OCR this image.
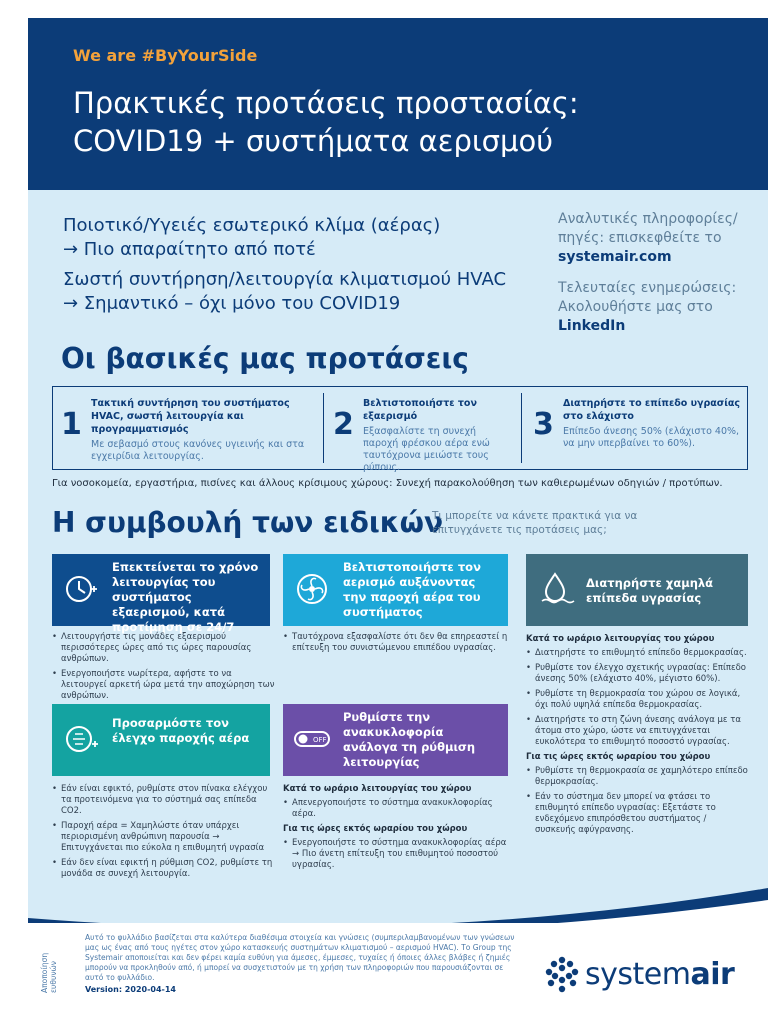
We are #ByYourSide
Πρακτικές προτάσεις προστασίας:
COVID19 + συστήματα αερισμού

Ποιοτικό/Υγειές εσωτερικό κλίμα (αέρας)
→ Πιο απαραίτητο από ποτέ

Σωστή συντήρηση/λειτουργία κλιματισμού HVAC
→ Σημαντικό – όχι μόνο του COVID19

Αναλυτικές πληροφορίες/ πηγές: επισκεφθείτε το
systemair.com

Τελευταίες ενημερώσεις: Ακολουθήστε μας στο
LinkedIn

Οι βασικές μας προτάσεις
1
Τακτική συντήρηση του συστήματος HVAC, σωστή λειτουργία και προγραμματισμός
Με σεβασμό στους κανόνες υγιεινής και στα εγχειρίδια λειτουργίας.
2
Βελτιστοποιήστε τον εξαερισμό
Εξασφαλίστε τη συνεχή παροχή φρέσκου αέρα ενώ ταυτόχρονα μειώστε τους ρύπους.
3
Διατηρήστε το επίπεδο υγρασίας στο ελάχιστο
Επίπεδο άνεσης 50% (ελάχιστο 40%, να μην υπερβαίνει το 60%).
Για νοσοκομεία, εργαστήρια, πισίνες και άλλους κρίσιμους χώρους: Συνεχή παρακολούθηση των καθιερωμένων οδηγιών / προτύπων.
Η συμβουλή των ειδικών
Τι μπορείτε να κάνετε πρακτικά για να επιτυγχάνετε τις προτάσεις μας;
Επεκτείνεται το χρόνο λειτουργίας του συστήματος εξαερισμού, κατά προτίμηση σε 24/7
• Λειτουργήστε τις μονάδες εξαερισμού περισσότερες ώρες από τις ώρες παρουσίας ανθρώπων.
• Ενεργοποιήστε νωρίτερα, αφήστε το να λειτουργεί αρκετή ώρα μετά την αποχώρηση των ανθρώπων.
Βελτιστοποιήστε τον αερισμό αυξάνοντας την παροχή αέρα του συστήματος
• Ταυτόχρονα εξασφαλίστε ότι δεν θα επηρεαστεί η επίτευξη του συνιστώμενου επιπέδου υγρασίας.
Διατηρήστε χαμηλά επίπεδα υγρασίας
Κατά το ωράριο λειτουργίας του χώρου
• Διατηρήστε το επιθυμητό επίπεδο θερμοκρασίας.
• Ρυθμίστε τον έλεγχο σχετικής υγρασίας: Επίπεδο άνεσης 50% (ελάχιστο 40%, μέγιστο 60%).
• Ρυθμίστε τη θερμοκρασία του χώρου σε λογικά, όχι πολύ υψηλά επίπεδα θερμοκρασίας.
• Διατηρήστε το στη ζώνη άνεσης ανάλογα με τα άτομα στο χώρο, ώστε να επιτυγχάνεται ευκολότερα το επιθυμητό ποσοστό υγρασίας.
Για τις ώρες εκτός ωραρίου του χώρου
• Ρυθμίστε τη θερμοκρασία σε χαμηλότερο επίπεδο θερμοκρασίας.
• Εάν το σύστημα δεν μπορεί να φτάσει το επιθυμητό επίπεδο υγρασίας: Εξετάστε το ενδεχόμενο επιπρόσθετου συστήματος / συσκευής αφύγρανσης.
Προσαρμόστε τον έλεγχο παροχής αέρα
• Εάν είναι εφικτό, ρυθμίστε στον πίνακα ελέγχου τα προτεινόμενα για το σύστημά σας επίπεδα CO2.
• Παροχή αέρα = Χαμηλώστε όταν υπάρχει περιορισμένη ανθρώπινη παρουσία → Επιτυγχάνεται πιο εύκολα η επιθυμητή υγρασία
• Εάν δεν είναι εφικτή η ρύθμιση CO2, ρυθμίστε τη μονάδα σε συνεχή λειτουργία.
OFF
Ρυθμίστε την ανακυκλοφορία ανάλογα τη ρύθμιση λειτουργίας
Κατά το ωράριο λειτουργίας του χώρου
• Απενεργοποιήστε το σύστημα ανακυκλοφορίας αέρα.
Για τις ώρες εκτός ωραρίου του χώρου
• Ενεργοποιήστε το σύστημα ανακυκλοφορίας αέρα → Πιο άνετη επίτευξη του επιθυμητού ποσοστού υγρασίας.
Αποποίηση ευθυνών
Αυτό το φυλλάδιο βασίζεται στα καλύτερα διαθέσιμα στοιχεία και γνώσεις (συμπεριλαμβανομένων των γνώσεων μας ως ένας από τους ηγέτες στον χώρο κατασκευής συστημάτων κλιματισμού – αερισμού HVAC). Το Group της Systemair αποποιείται και δεν φέρει καμία ευθύνη για άμεσες, έμμεσες, τυχαίες ή όποιες άλλες βλάβες ή ζημιές μπορούν να προκληθούν από, ή μπορεί να συσχετιστούν με τη χρήση των πληροφοριών που παρουσιάζονται σε αυτό το φυλλάδιο.
Version: 2020-04-14	systemair
